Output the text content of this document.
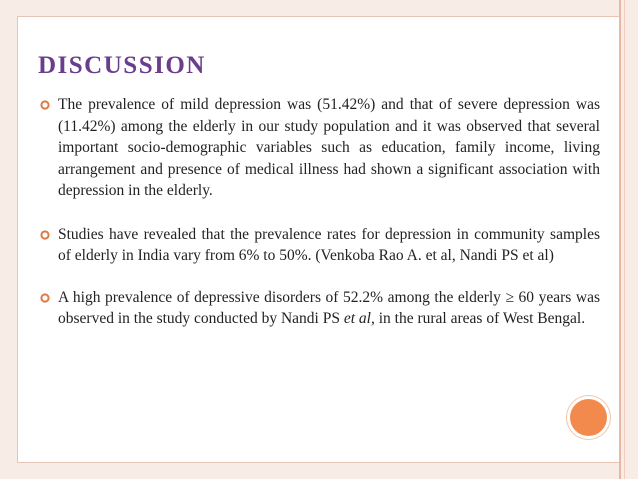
DISCUSSION
The prevalence of mild depression was (51.42%) and that of severe depression was (11.42%) among the elderly in our study population and it was observed that several important socio-demographic variables such as education, family income, living arrangement and presence of medical illness had shown a significant association with depression in the elderly.
Studies have revealed that the prevalence rates for depression in community samples of elderly in India vary from 6% to 50%. (Venkoba Rao A. et al, Nandi PS et al)
A high prevalence of depressive disorders of 52.2% among the elderly ≥ 60 years was observed in the study conducted by Nandi PS et al, in the rural areas of West Bengal.
